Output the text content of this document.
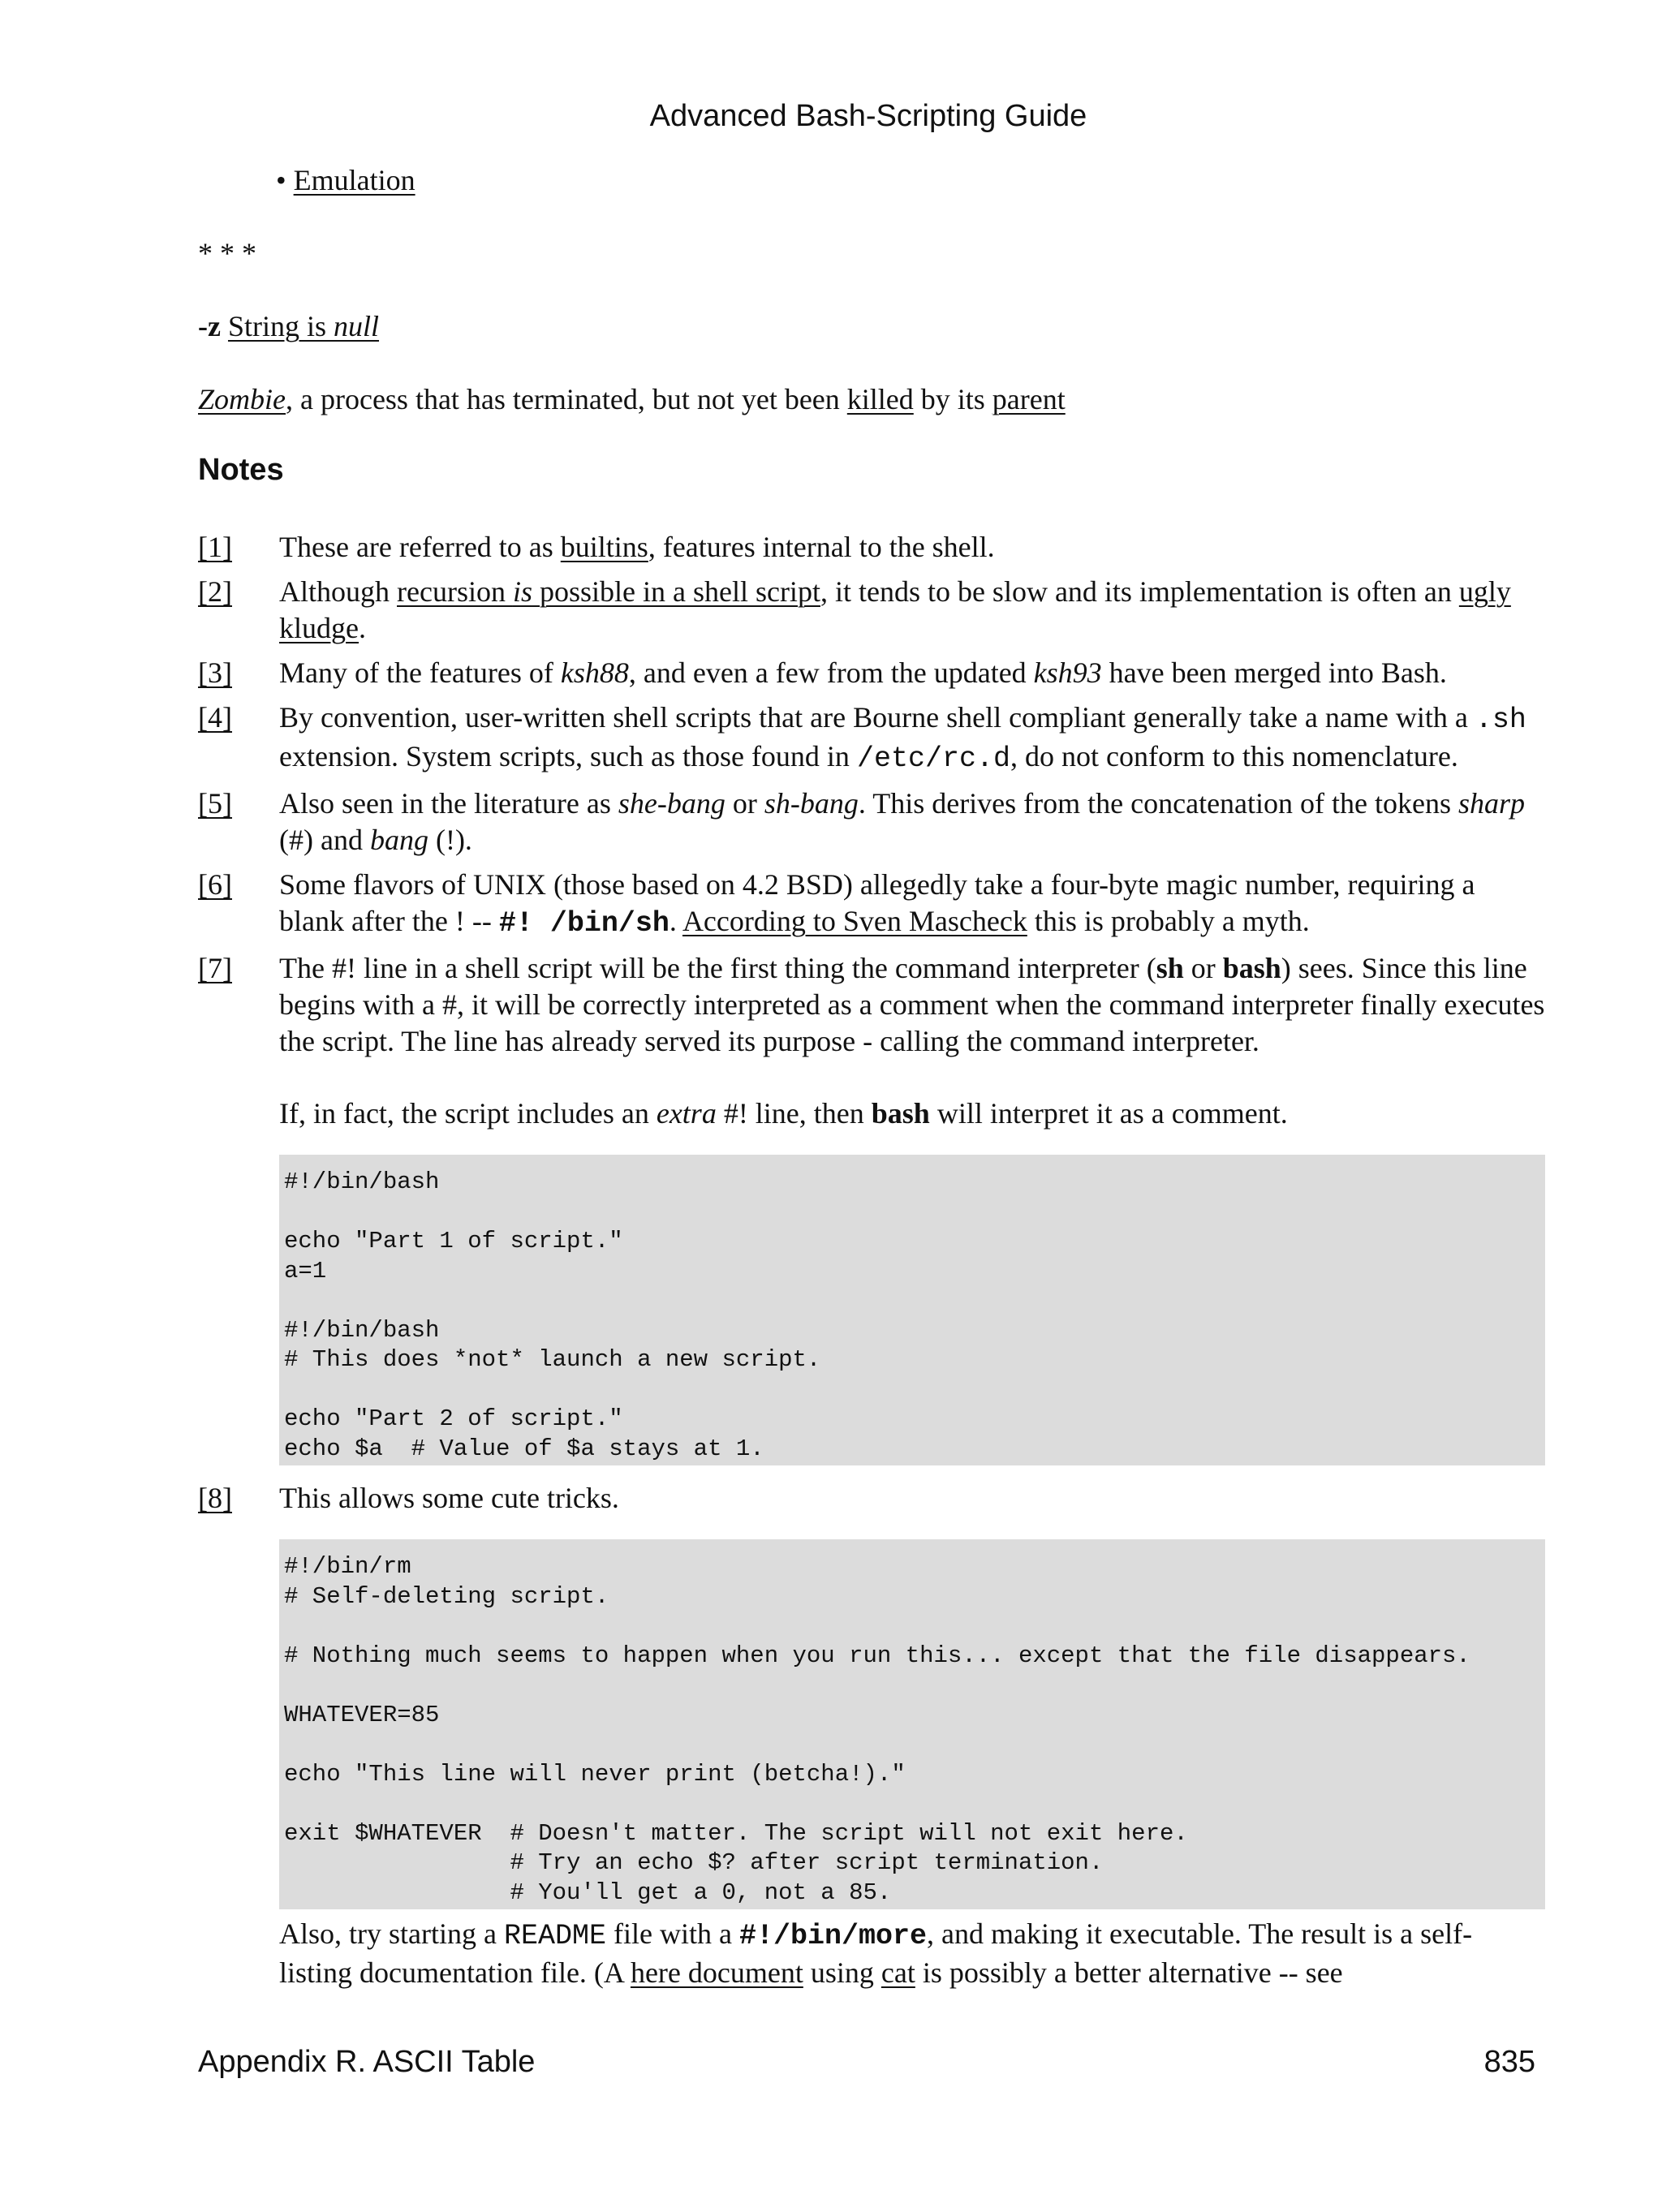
Advanced Bash-Scripting Guide
• Emulation
* * *
-z String is null
Zombie, a process that has terminated, but not yet been killed by its parent
Notes
[1]	These are referred to as builtins, features internal to the shell.
[2]	Although recursion is possible in a shell script, it tends to be slow and its implementation is often an ugly kludge.
[3]	Many of the features of ksh88, and even a few from the updated ksh93 have been merged into Bash.
[4]	By convention, user-written shell scripts that are Bourne shell compliant generally take a name with a .sh extension. System scripts, such as those found in /etc/rc.d, do not conform to this nomenclature.
[5]	Also seen in the literature as she-bang or sh-bang. This derives from the concatenation of the tokens sharp (#) and bang (!).
[6]	Some flavors of UNIX (those based on 4.2 BSD) allegedly take a four-byte magic number, requiring a blank after the ! -- #! /bin/sh. According to Sven Mascheck this is probably a myth.
[7]	The #! line in a shell script will be the first thing the command interpreter (sh or bash) sees. Since this line begins with a #, it will be correctly interpreted as a comment when the command interpreter finally executes the script. The line has already served its purpose - calling the command interpreter.
If, in fact, the script includes an extra #! line, then bash will interpret it as a comment.
#!/bin/bash

echo "Part 1 of script."
a=1

#!/bin/bash
# This does *not* launch a new script.

echo "Part 2 of script."
echo $a  # Value of $a stays at 1.
[8]	This allows some cute tricks.
#!/bin/rm
# Self-deleting script.

# Nothing much seems to happen when you run this... except that the file disappears.

WHATEVER=85

echo "This line will never print (betcha!)."

exit $WHATEVER  # Doesn't matter. The script will not exit here.
# Try an echo $? after script termination.
# You'll get a 0, not a 85.
Also, try starting a README file with a #!/bin/more, and making it executable. The result is a self-listing documentation file. (A here document using cat is possibly a better alternative -- see
Appendix R. ASCII Table	835
